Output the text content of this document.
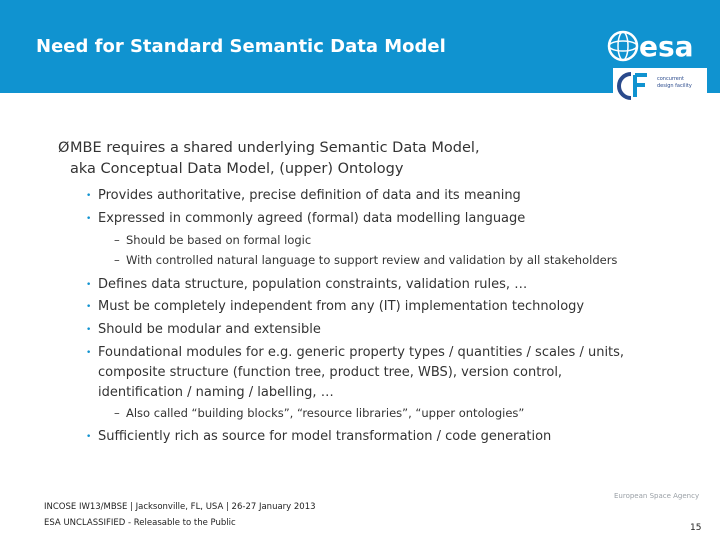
Need for Standard Semantic Data Model	esa
concurrent
design facility
ØMBE requires a shared underlying Semantic Data Model,
aka Conceptual Data Model, (upper) Ontology
• Provides authoritative, precise definition of data and its meaning
• Expressed in commonly agreed (formal) data modelling language
– Should be based on formal logic
– With controlled natural language to support review and validation by all stakeholders
• Defines data structure, population constraints, validation rules, …
• Must be completely independent from any (IT) implementation technology
• Should be modular and extensible
• Foundational modules for e.g. generic property types / quantities / scales / units, composite structure (function tree, product tree, WBS), version control, identification / naming / labelling, …
– Also called “building blocks”, “resource libraries”, “upper ontologies”
• Sufficiently rich as source for model transformation / code generation
INCOSE IW13/MBSE | Jacksonville, FL, USA | 26-27 January 2013
ESA UNCLASSIFIED - Releasable to the Public
European Space Agency
15
